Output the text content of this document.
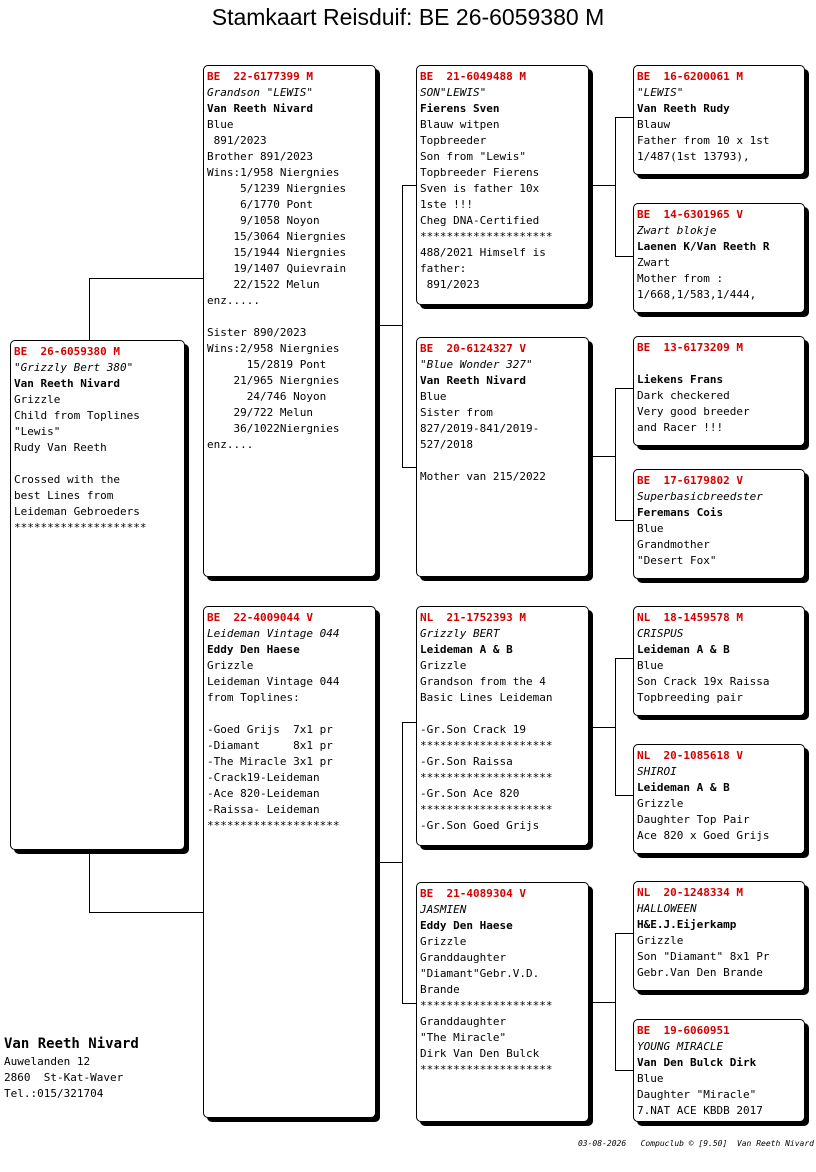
Stamkaart Reisduif: BE 26-6059380 M
BE  26-6059380 M
"Grizzly Bert 380"
Van Reeth Nivard
Grizzle
Child from Toplines
"Lewis"
Rudy Van Reeth
Crossed with the
best Lines from
Leideman Gebroeders
********************
BE  22-6177399 M
Grandson "LEWIS"
Van Reeth Nivard
Blue
891/2023
Brother 891/2023
Wins:1/958 Niergnies
5/1239 Niergnies
6/1770 Pont
9/1058 Noyon
15/3064 Niergnies
15/1944 Niergnies
19/1407 Quievrain
22/1522 Melun
enz.....
Sister 890/2023
Wins:2/958 Niergnies
15/2819 Pont
21/965 Niergnies
24/746 Noyon
29/722 Melun
36/1022Niergnies
enz....
BE  22-4009044 V
Leideman Vintage 044
Eddy Den Haese
Grizzle
Leideman Vintage 044
from Toplines:
-Goed Grijs  7x1 pr
-Diamant     8x1 pr
-The Miracle 3x1 pr
-Crack19-Leideman
-Ace 820-Leideman
-Raissa- Leideman
********************
BE  21-6049488 M
SON"LEWIS"
Fierens Sven
Blauw witpen
Topbreeder
Son from "Lewis"
Topbreeder Fierens
Sven is father 10x
1ste !!!
Cheg DNA-Certified
********************
488/2021 Himself is
father:
891/2023
BE  20-6124327 V
"Blue Wonder 327"
Van Reeth Nivard
Blue
Sister from
827/2019-841/2019-
527/2018
Mother van 215/2022
NL  21-1752393 M
Grizzly BERT
Leideman A & B
Grizzle
Grandson from the 4
Basic Lines Leideman
-Gr.Son Crack 19
********************
-Gr.Son Raissa
********************
-Gr.Son Ace 820
********************
-Gr.Son Goed Grijs
BE  21-4089304 V
JASMIEN
Eddy Den Haese
Grizzle
Granddaughter
"Diamant"Gebr.V.D.
Brande
********************
Granddaughter
"The Miracle"
Dirk Van Den Bulck
********************
BE  16-6200061 M
"LEWIS"
Van Reeth Rudy
Blauw
Father from 10 x 1st
1/487(1st 13793),
BE  14-6301965 V
Zwart blokje
Laenen K/Van Reeth R
Zwart
Mother from :
1/668,1/583,1/444,
BE  13-6173209 M
Liekens Frans
Dark checkered
Very good breeder
and Racer !!!
BE  17-6179802 V
Superbasicbreedster
Feremans Cois
Blue
Grandmother
"Desert Fox"
NL  18-1459578 M
CRISPUS
Leideman A & B
Blue
Son Crack 19x Raissa
Topbreeding pair
NL  20-1085618 V
SHIROI
Leideman A & B
Grizzle
Daughter Top Pair
Ace 820 x Goed Grijs
NL  20-1248334 M
HALLOWEEN
H&E.J.Eijerkamp
Grizzle
Son "Diamant" 8x1 Pr
Gebr.Van Den Brande
BE  19-6060951
YOUNG MIRACLE
Van Den Bulck Dirk
Blue
Daughter "Miracle"
7.NAT ACE KBDB 2017
Van Reeth Nivard
Auwelanden 12
2860  St-Kat-Waver
Tel.:015/321704
03-08-2026   Compuclub © [9.50]  Van Reeth Nivard
